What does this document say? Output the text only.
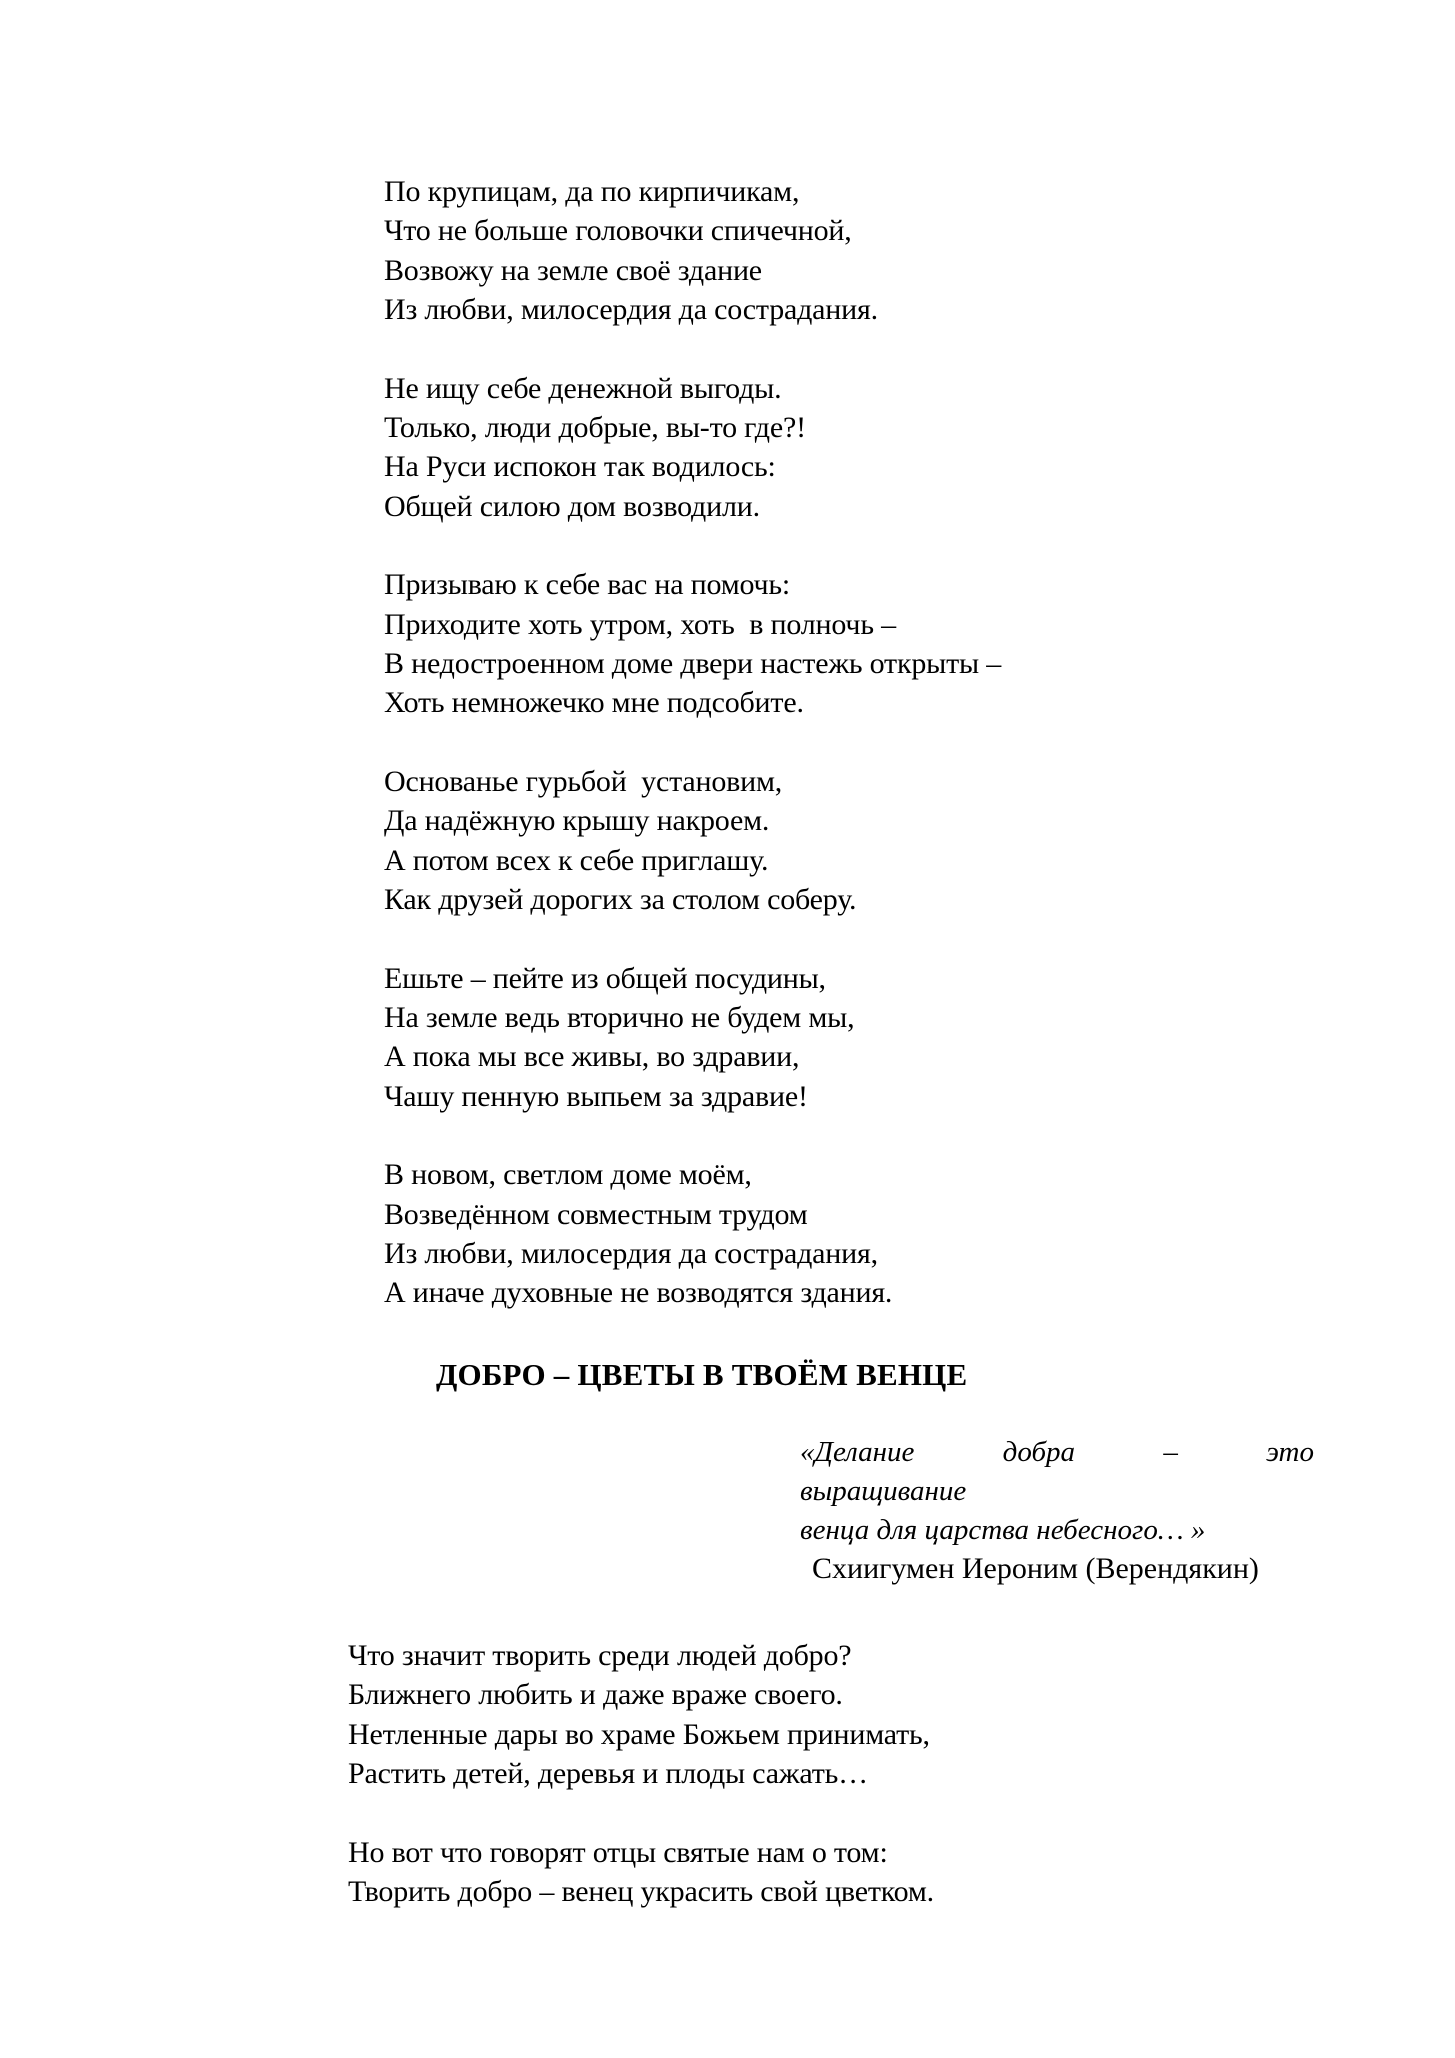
По крупицам, да по кирпичикам,
Что не больше головочки спичечной,
Возвожу на земле своё здание
Из любви, милосердия да сострадания.
Не ищу себе денежной выгоды.
Только, люди добрые, вы-то где?!
На Руси испокон так водилось:
Общей силою дом возводили.
Призываю к себе вас на помочь:
Приходите хоть утром, хоть  в полночь –
В недостроенном доме двери настежь открыты –
Хоть немножечко мне подсобите.
Основанье гурьбой  установим,
Да надёжную крышу накроем.
А потом всех к себе приглашу.
Как друзей дорогих за столом соберу.
Ешьте – пейте из общей посудины,
На земле ведь вторично не будем мы,
А пока мы все живы, во здравии,
Чашу пенную выпьем за здравие!
В новом, светлом доме моём,
Возведённом совместным трудом
Из любви, милосердия да сострадания,
А иначе духовные не возводятся здания.
ДОБРО – ЦВЕТЫ В ТВОЁМ ВЕНЦЕ
«Делание	добра	–	это
выращивание
венца для царства небесного… »
Схиигумен Иероним (Верендякин)
Что значит творить среди людей добро?
Ближнего любить и даже враже своего.
Нетленные дары во храме Божьем принимать,
Растить детей, деревья и плоды сажать…
Но вот что говорят отцы святые нам о том:
Творить добро – венец украсить свой цветком.
